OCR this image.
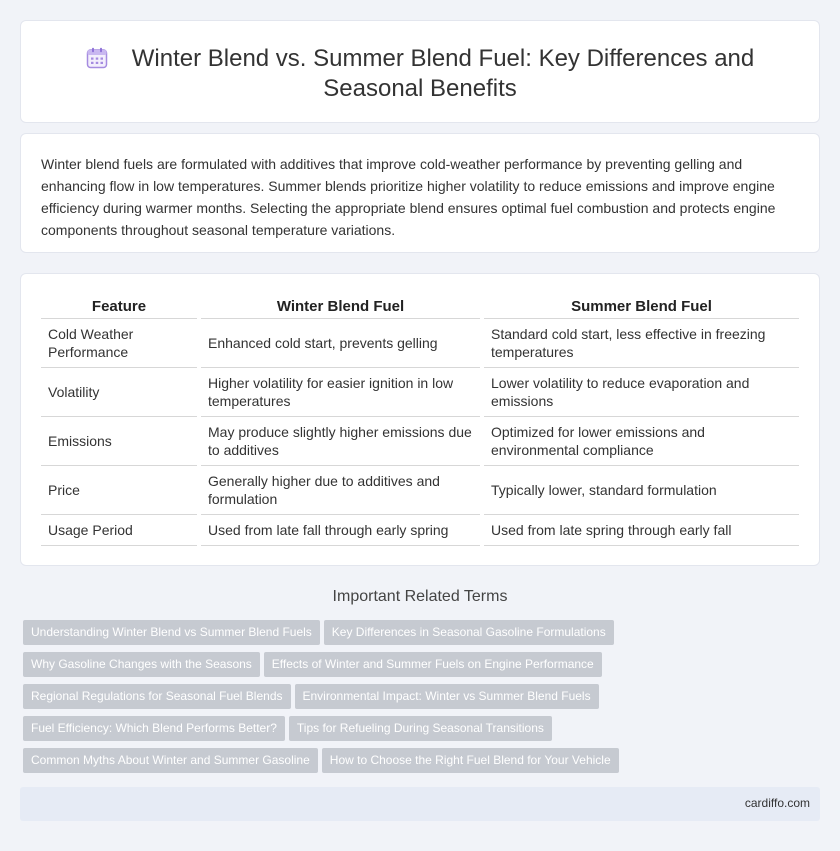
Winter Blend vs. Summer Blend Fuel: Key Differences and
Seasonal Benefits

Winter blend fuels are formulated with additives that improve cold-weather performance by preventing gelling and enhancing flow in low temperatures. Summer blends prioritize higher volatility to reduce emissions and improve engine efficiency during warmer months. Selecting the appropriate blend ensures optimal fuel combustion and protects engine components throughout seasonal temperature variations.

Feature	Winter Blend Fuel	Summer Blend Fuel
Cold Weather Performance	Enhanced cold start, prevents gelling	Standard cold start, less effective in freezing temperatures
Volatility	Higher volatility for easier ignition in low temperatures	Lower volatility to reduce evaporation and emissions
Emissions	May produce slightly higher emissions due to additives	Optimized for lower emissions and environmental compliance
Price	Generally higher due to additives and formulation	Typically lower, standard formulation
Usage Period	Used from late fall through early spring	Used from late spring through early fall
Important Related Terms
Understanding Winter Blend vs Summer Blend Fuels Key Differences in Seasonal Gasoline Formulations
Why Gasoline Changes with the Seasons Effects of Winter and Summer Fuels on Engine Performance
Regional Regulations for Seasonal Fuel Blends Environmental Impact: Winter vs Summer Blend Fuels
Fuel Efficiency: Which Blend Performs Better? Tips for Refueling During Seasonal Transitions
Common Myths About Winter and Summer Gasoline How to Choose the Right Fuel Blend for Your Vehicle
cardiffo.com
